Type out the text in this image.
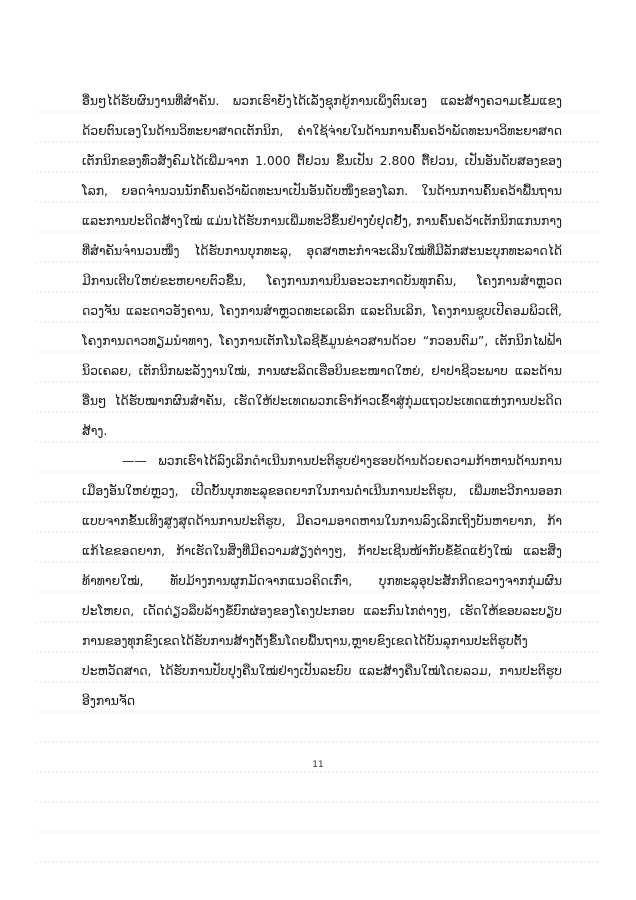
ອື່ນໆໄດ້ຮັບຜົນງານທີ່ສຳຄັນ. ພວກເຮົາຍັງໄດ້ເລັ່ງຊຸກຍູ້ການເພິ່ງຕົນເອງ ແລະສ້າງຄວາມເຂັ້ມແຂງດ້ວຍຕົນເອງໃນດ້ານວິທະຍາສາດເຕັກນິກ, ຄ່າໃຊ້ຈ່າຍໃນດ້ານການຄົ້ນຄວ້າພັດທະນາວິທະຍາສາດເຕັກນິກຂອງທົ່ວສັງຄົມໄດ້ເພີ່ມຈາກ 1.000 ຕື້ຢວນ ຂຶ້ນເປັນ 2.800 ຕື້ຢວນ, ເປັນອັນດັບສອງຂອງໂລກ, ຍອດຈຳນວນນັກຄົ້ນຄວ້າພັດທະນາເປັນອັນດັບໜຶ່ງຂອງໂລກ. ໃນດ້ານການຄົ້ນຄວ້າພື້ນຖານ ແລະການປະດິດສ້າງໃໝ່ ແມ່ນໄດ້ຮັບການເພີ່ມທະວີຂຶ້ນຢ່າງບໍ່ຢຸດຢັ້ງ, ການຄົ້ນຄວ້າເຕັກນິກແກນກາງທີ່ສຳຄັນຈຳນວນໜຶ່ງ ໄດ້ຮັບການບຸກທະລຸ, ອຸດສາຫະກຳຈະເລີນໃໝ່ທີ່ມີລັກສະນະບຸກທະລາດໄດ້ມີການເຕີບໃຫຍ່ຂະຫຍາຍຕົວຂຶ້ນ, ໂຄງການການບິນອະວະກາດບັນທຸກຄົນ, ໂຄງການສຳຫຼວດດວງຈັນ ແລະດາວອັງຄານ, ໂຄງການສຳຫຼວດທະເລເລິກ ແລະດິນເລິກ, ໂຄງການຊູບເປີຄອມພິວເຕີ, ໂຄງການດາວທຽມນຳທາງ, ໂຄງການເຕັກໂນໂລຊີຂໍ້ມູນຂ່າວສານດ້ວຍ “ກວອນຕົມ”, ເຕັກນິກໄຟຟ້ານິວເຄລຍ, ເຕັກນິກພະລັງງານໃໝ່, ການຜະລິດເຮືອບິນຂະໜາດໃຫຍ່, ຢາປາຊີວະພາບ ແລະດ້ານອື່ນໆ ໄດ້ຮັບໝາກຜົນສຳຄັນ, ເຮັດໃຫ້ປະເທດພວກເຮົາກ້າວເຂົ້າສູ່ກຸ່ມແຖວປະເທດແຫ່ງການປະດິດສ້າງ.

—— ພວກເຮົາໄດ້ລົງເລິກດຳເນີນການປະຕິຮູບຢ່າງຮອບດ້ານດ້ວຍຄວາມກ້າຫານດ້ານການເມືອງອັນໃຫຍ່ຫຼວງ, ເປີດບັ້ນບຸກທະລຸຂອດຍາກໃນການດຳເນີນການປະຕິຮູບ, ເພີ່ມທະວີການອອກແບບຈາກຂັ້ນເທິງສູງສຸດດ້ານການປະຕິຮູບ, ມີຄວາມອາດຫານໃນການລົງເລິກເຖິງບັນຫາຍາກ, ກ້າແກ້ໄຂຂອດຍາກ, ກ້າເຮັດໃນສິ່ງທີ່ມີຄວາມສ່ຽງຕ່າງໆ, ກ້າປະເຊີນໜ້າກັບຂໍ້ຂັດແຍ້ງໃໝ່ ແລະສິ່ງທ້າທາຍໃໝ່, ທັບມ້າງການຜູກມັດຈາກແນວຄິດເກົ່າ, ບຸກທະລຸອຸປະສັກກີດຂວາງຈາກກຸ່ມຜົນປະໂຫຍດ, ເດັດດ່ຽວລຶບລ້າງຂໍ້ບົກຜ່ອງຂອງໂຄງປະກອບ ແລະກົນໄກຕ່າງໆ, ເຮັດໃຫ້ຂອບລະບຽບການຂອງທຸກຂົງເຂດໄດ້ຮັບການສ້າງຕັ້ງຂຶ້ນໂດຍພື້ນຖານ,ຫຼາຍຂົງເຂດໄດ້ບັນລຸການປະຕິຮູບຕັ້ງປະຫວັດສາດ, ໄດ້ຮັບການປັບປຸງຄືນໃໝ່ຢ່າງເປັນລະບົບ ແລະສ້າງຄືນໃໝ່ໂດຍລວມ, ການປະຕິຮູບອີງການຈັດ

11
